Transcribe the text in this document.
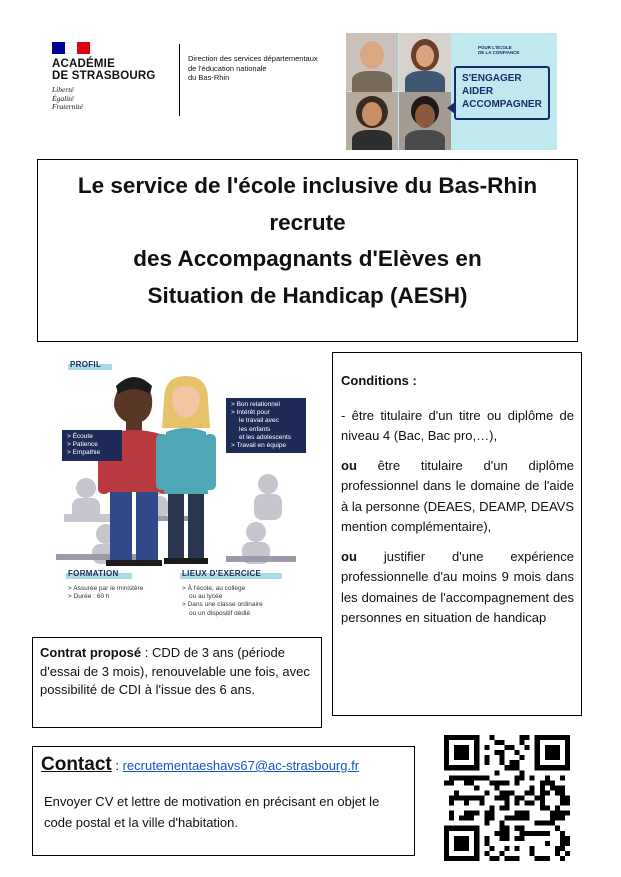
ACADÉMIE
DE STRASBOURG
Liberté
Égalité
Fraternité
Direction des services départementaux
de l'éducation nationale
du Bas-Rhin
POUR L'ÉCOLE
DE LA CONFIANCE
S'ENGAGER
AIDER
ACCOMPAGNER
Le service de l'école inclusive du Bas-Rhin
recrute
des Accompagnants d'Elèves en
Situation de Handicap (AESH)
PROFIL
> Écoute
> Patience
> Empathie
> Bon relationnel
> Intérêt pour
le travail avec
les enfants
et les adolescents
> Travail en équipe
FORMATION
> Assurée par le ministère
> Durée : 60 h
LIEUX D'EXERCICE
> À l'école, au collège
ou au lycée
> Dans une classe ordinaire
ou un dispositif dédié

Conditions :

- être titulaire d'un titre ou diplôme de niveau 4 (Bac, Bac pro,…),

ou être titulaire d'un diplôme professionnel dans le domaine de l'aide à la personne (DEAES, DEAMP, DEAVS mention complémentaire),

ou justifier d'une expérience professionnelle d'au moins 9 mois dans les domaines de l'accompagnement des personnes en situation de handicap

Contrat proposé : CDD de 3 ans (période d'essai de 3 mois), renouvelable une fois, avec possibilité de CDI à l'issue des 6 ans.
Contact : recrutementaeshavs67@ac-strasbourg.fr
Envoyer CV et lettre de motivation en précisant en objet le code postal et la ville d'habitation.
